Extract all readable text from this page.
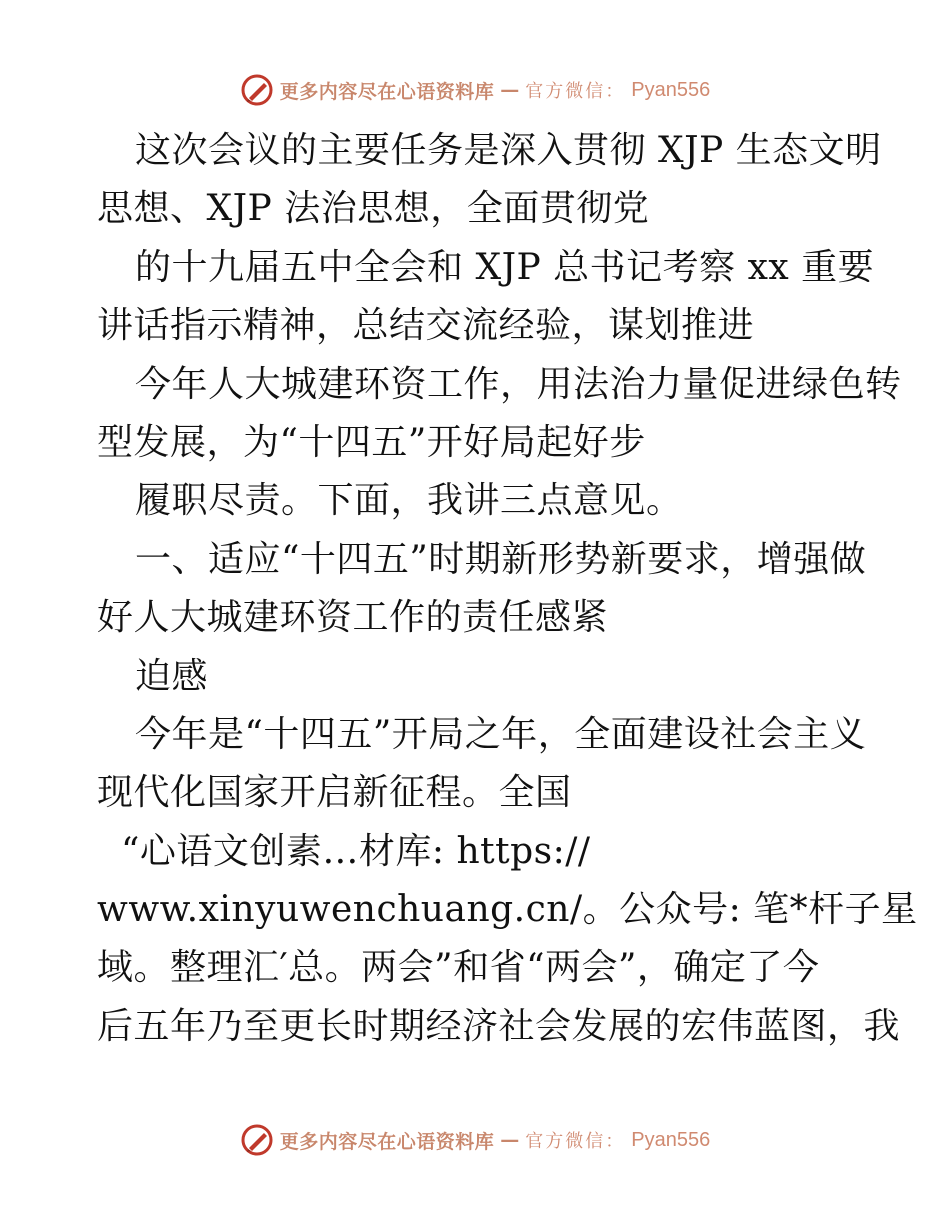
更多内容尽在心语资料库 — 官方微信： Pyan556
这次会议的主要任务是深入贯彻 XJP 生态文明
思想、XJP 法治思想，全面贯彻党
的十九届五中全会和 XJP 总书记考察 xx 重要
讲话指示精神，总结交流经验，谋划推进
今年人大城建环资工作，用法治力量促进绿色转
型发展，为“十四五”开好局起好步
履职尽责。下面，我讲三点意见。
一、适应“十四五”时期新形势新要求，增强做
好人大城建环资工作的责任感紧
迫感
今年是“十四五”开局之年，全面建设社会主义
现代化国家开启新征程。全国
“心语文创素…材库: https://
www.xinyuwenchuang.cn/。公众号: 笔*杆子星
域。整理汇′总。两会”和省“两会”，确定了今
后五年乃至更长时期经济社会发展的宏伟蓝图，我
更多内容尽在心语资料库 — 官方微信： Pyan556
